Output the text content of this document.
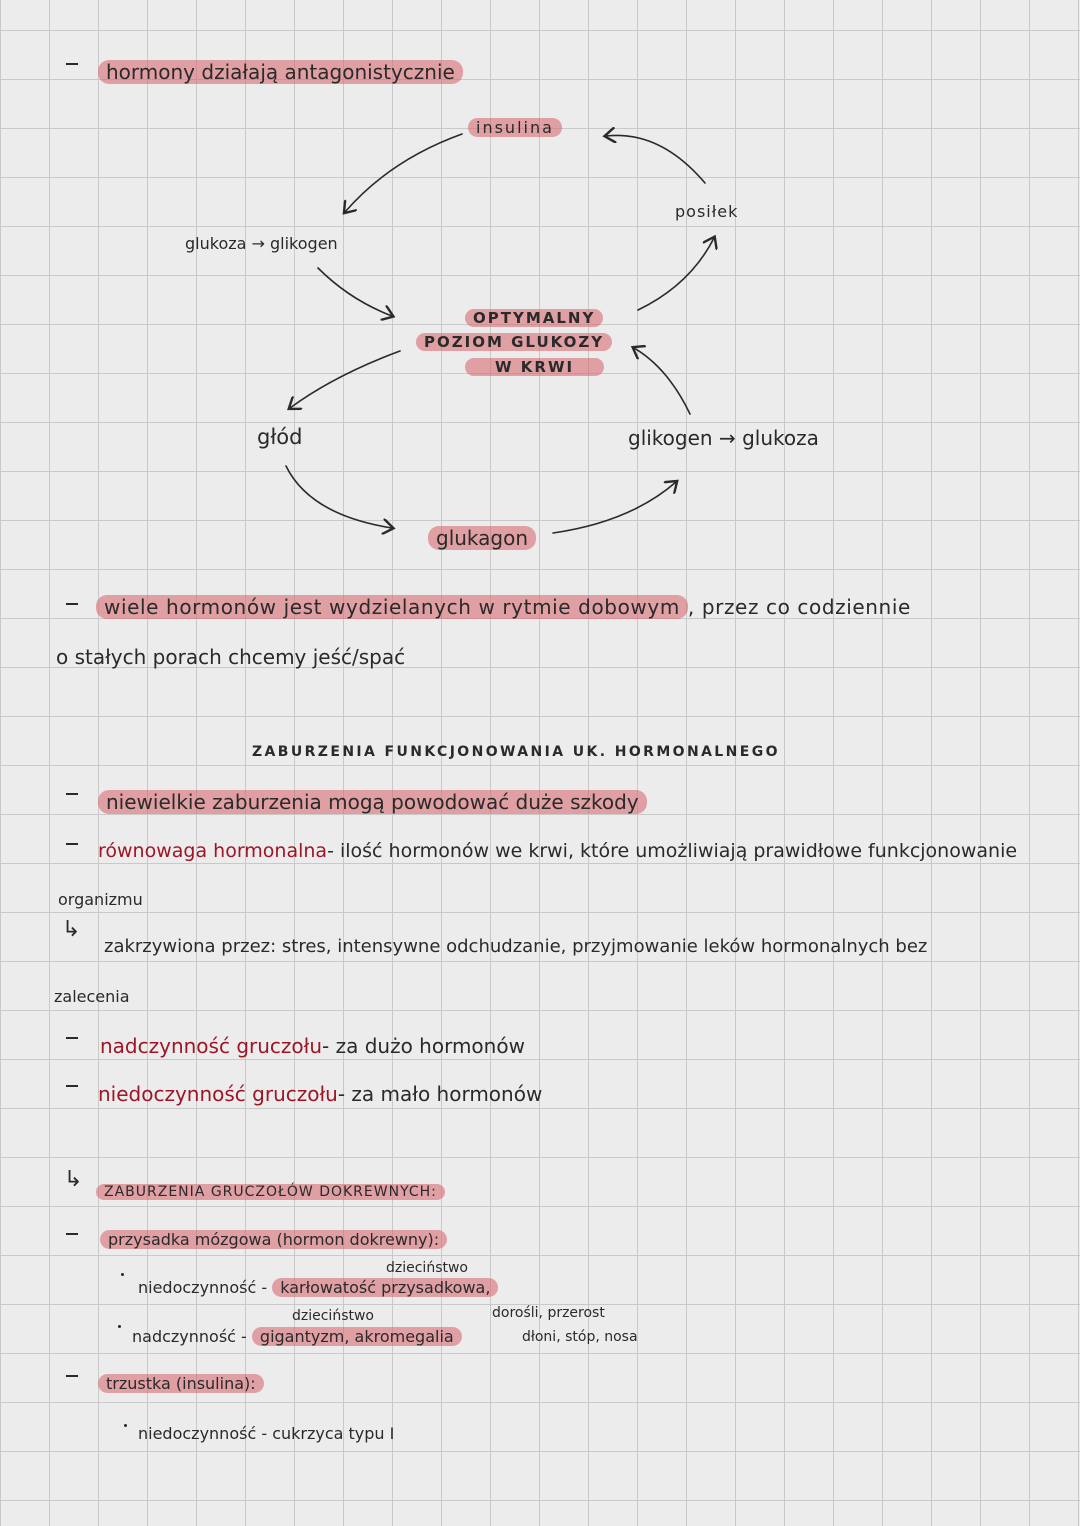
hormony działają antagonistycznie
insulina
posiłek
glukoza → glikogen
OPTYMALNY
POZIOM GLUKOZY
W KRWI
głód	glikogen → glukoza
glukagon
wiele hormonów jest wydzielanych w rytmie dobowym , przez co codziennie
o stałych porach chcemy jeść/spać
ZABURZENIA FUNKCJONOWANIA UK. HORMONALNEGO
niewielkie zaburzenia mogą powodować duże szkody
równowaga hormonalna- ilość hormonów we krwi, które umożliwiają prawidłowe funkcjonowanie
organizmu
↳
zakrzywiona przez: stres, intensywne odchudzanie, przyjmowanie leków hormonalnych bez
zalecenia
nadczynność gruczołu- za dużo hormonów
niedoczynność gruczołu- za mało hormonów
↳	ZABURZENIA GRUCZOŁÓW DOKREWNYCH:
przysadka mózgowa (hormon dokrewny):
dzieciństwo
niedoczynność - karłowatość przysadkowa,
dzieciństwo	dorośli, przerost
nadczynność - gigantyzm, akromegalia	dłoni, stóp, nosa
trzustka (insulina):
niedoczynność - cukrzyca typu I
